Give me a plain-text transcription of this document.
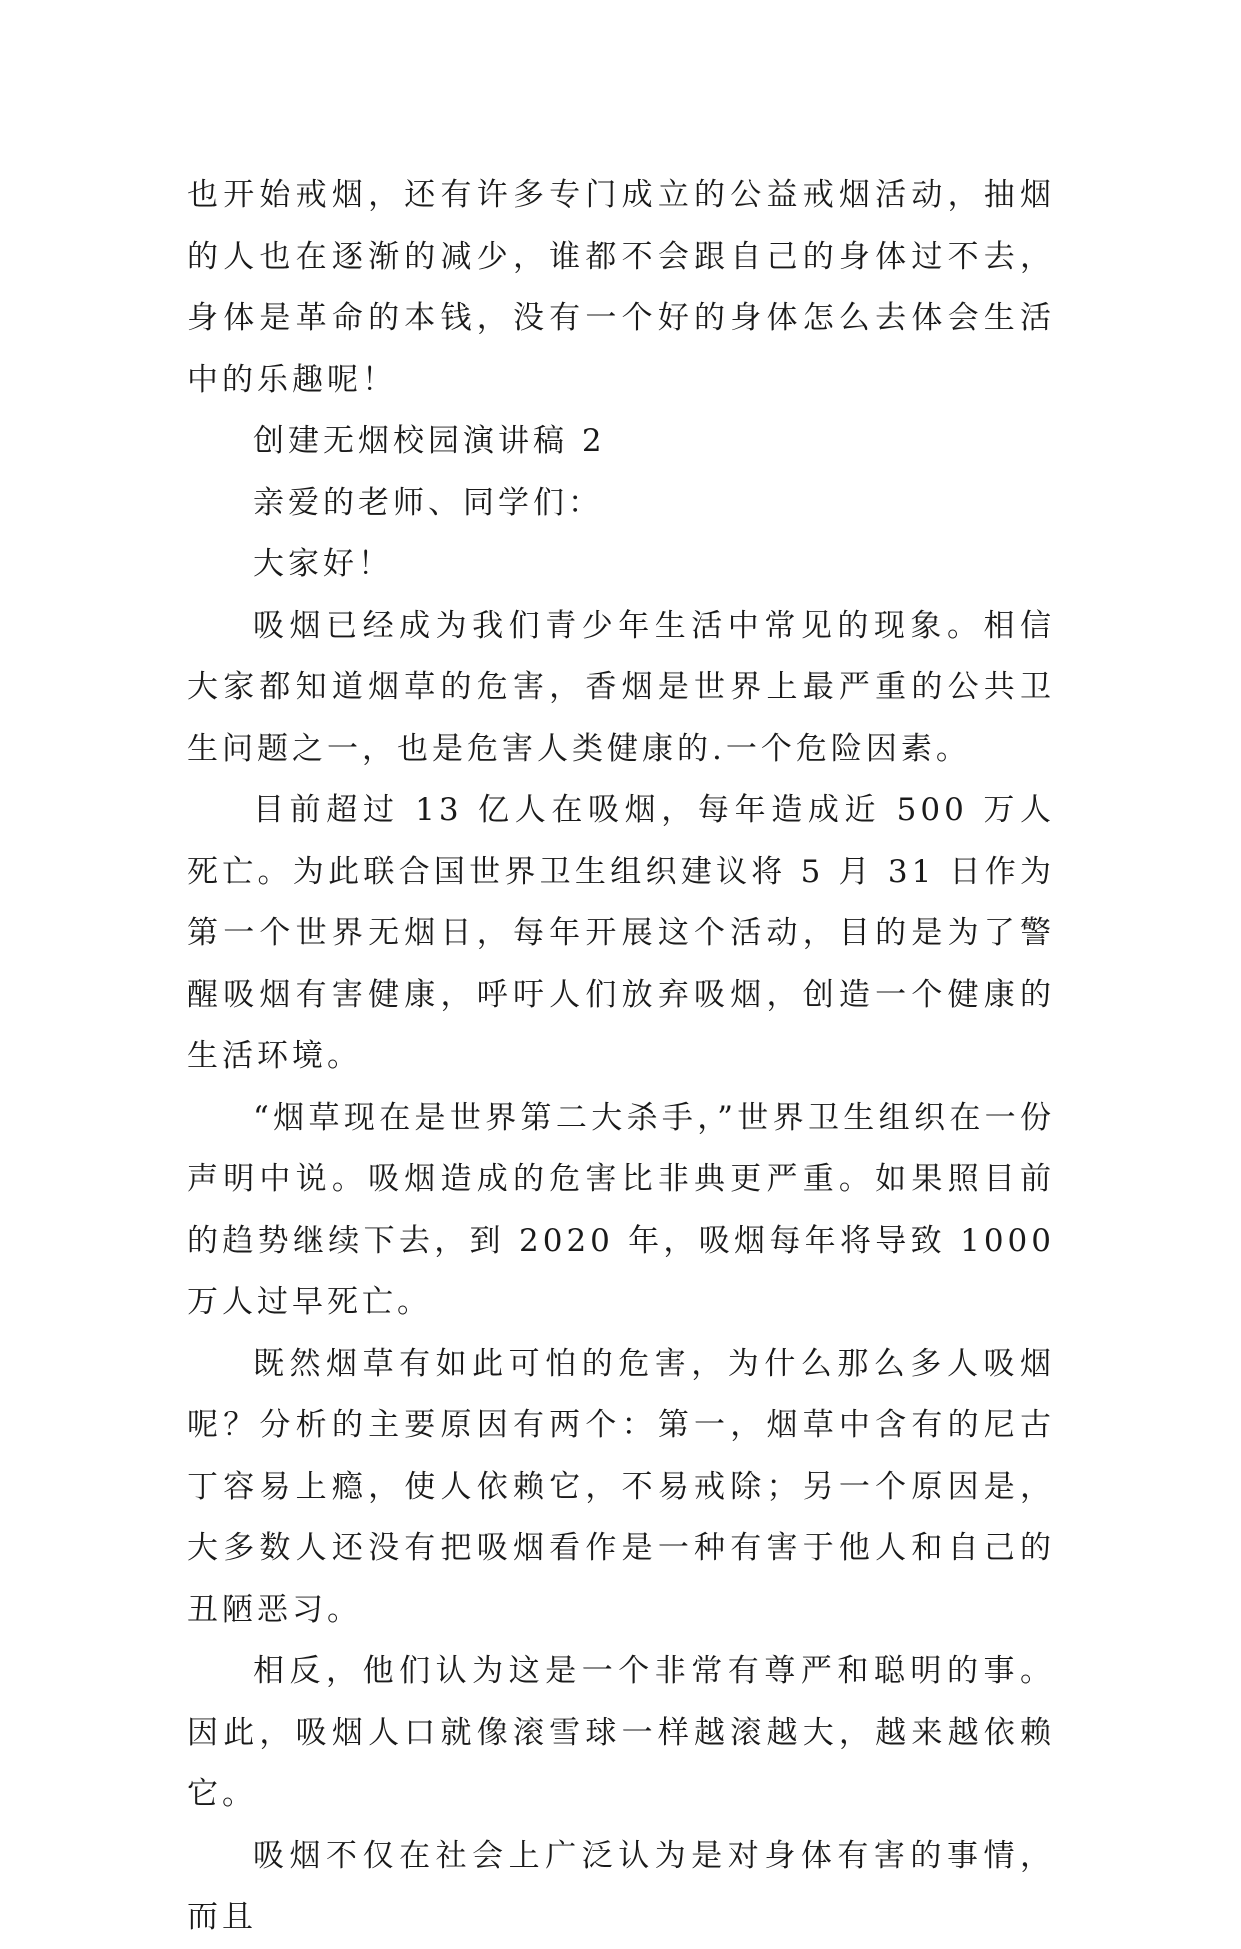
也开始戒烟，还有许多专门成立的公益戒烟活动，抽烟的人也在逐渐的减少，谁都不会跟自己的身体过不去，身体是革命的本钱，没有一个好的身体怎么去体会生活中的乐趣呢！

创建无烟校园演讲稿 2

亲爱的老师、同学们：

大家好！

吸烟已经成为我们青少年生活中常见的现象。相信大家都知道烟草的危害，香烟是世界上最严重的公共卫生问题之一，也是危害人类健康的.一个危险因素。

目前超过 13 亿人在吸烟，每年造成近 500 万人死亡。为此联合国世界卫生组织建议将 5 月 31 日作为第一个世界无烟日，每年开展这个活动，目的是为了警醒吸烟有害健康，呼吁人们放弃吸烟，创造一个健康的生活环境。

“烟草现在是世界第二大杀手，”世界卫生组织在一份声明中说。吸烟造成的危害比非典更严重。如果照目前的趋势继续下去，到 2020 年，吸烟每年将导致 1000 万人过早死亡。

既然烟草有如此可怕的危害，为什么那么多人吸烟呢？分析的主要原因有两个：第一，烟草中含有的尼古丁容易上瘾，使人依赖它，不易戒除；另一个原因是，大多数人还没有把吸烟看作是一种有害于他人和自己的丑陋恶习。

相反，他们认为这是一个非常有尊严和聪明的事。因此，吸烟人口就像滚雪球一样越滚越大，越来越依赖它。

吸烟不仅在社会上广泛认为是对身体有害的事情，而且
